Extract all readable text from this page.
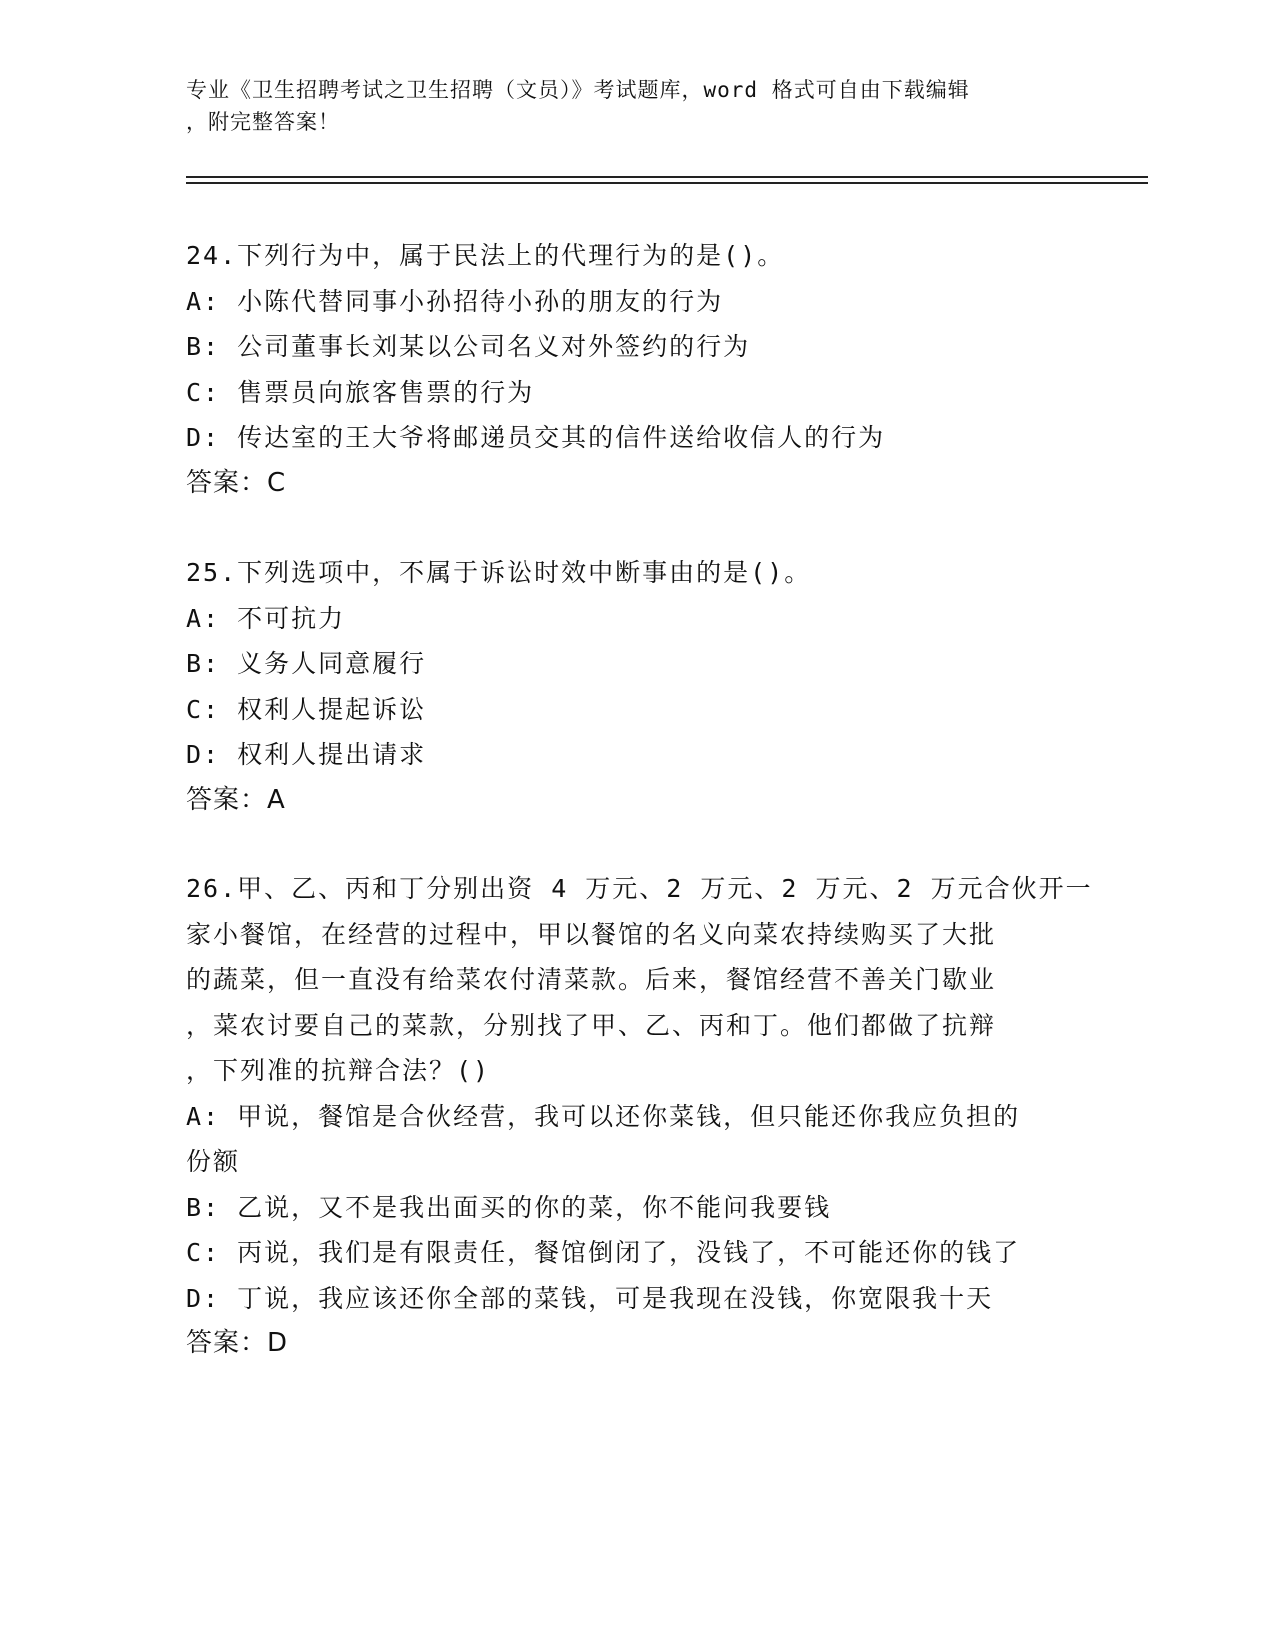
专业《卫生招聘考试之卫生招聘（文员）》考试题库，word 格式可自由下载编辑
，附完整答案！
24.下列行为中，属于民法上的代理行为的是()。
A: 小陈代替同事小孙招待小孙的朋友的行为
B: 公司董事长刘某以公司名义对外签约的行为
C: 售票员向旅客售票的行为
D: 传达室的王大爷将邮递员交其的信件送给收信人的行为
答案：C
25.下列选项中，不属于诉讼时效中断事由的是()。
A: 不可抗力
B: 义务人同意履行
C: 权利人提起诉讼
D: 权利人提出请求
答案：A
26.甲、乙、丙和丁分别出资 4 万元、2 万元、2 万元、2 万元合伙开一
家小餐馆，在经营的过程中，甲以餐馆的名义向菜农持续购买了大批
的蔬菜，但一直没有给菜农付清菜款。后来，餐馆经营不善关门歇业
，菜农讨要自己的菜款，分别找了甲、乙、丙和丁。他们都做了抗辩
，下列准的抗辩合法？()
A: 甲说，餐馆是合伙经营，我可以还你菜钱，但只能还你我应负担的
份额
B: 乙说，又不是我出面买的你的菜，你不能问我要钱
C: 丙说，我们是有限责任，餐馆倒闭了，没钱了，不可能还你的钱了
D: 丁说，我应该还你全部的菜钱，可是我现在没钱，你宽限我十天
答案：D
